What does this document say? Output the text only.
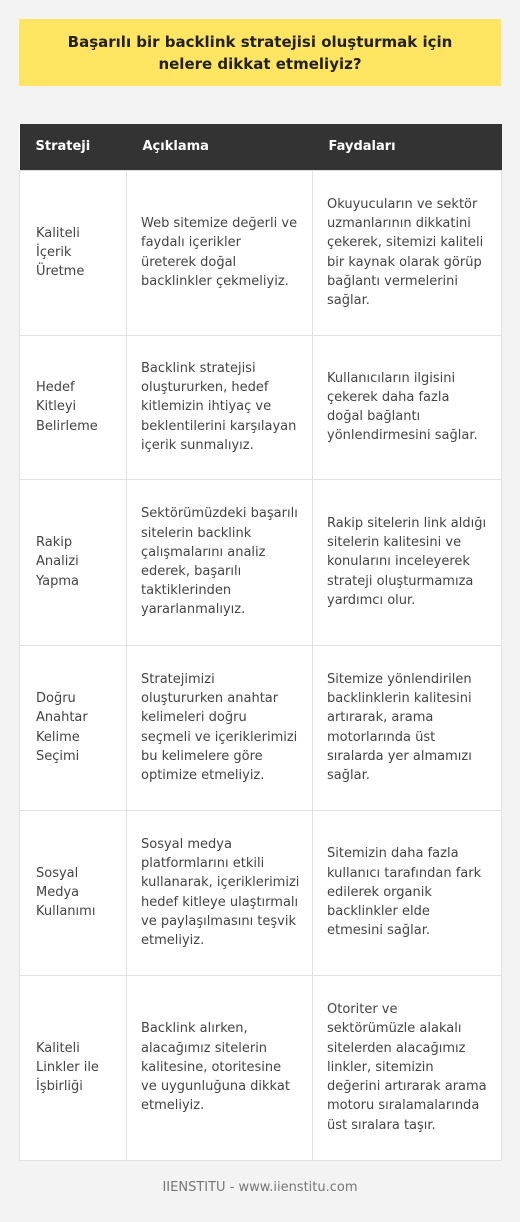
Başarılı bir backlink stratejisi oluşturmak için nelere dikkat etmeliyiz?
Strateji	Açıklama	Faydaları
Kaliteli İçerik Üretme	Web sitemize değerli ve faydalı içerikler üreterek doğal backlinkler çekmeliyiz.	Okuyucuların ve sektör uzmanlarının dikkatini çekerek, sitemizi kaliteli bir kaynak olarak görüp bağlantı vermelerini sağlar.
Hedef Kitleyi Belirleme	Backlink stratejisi oluştururken, hedef kitlemizin ihtiyaç ve beklentilerini karşılayan içerik sunmalıyız.	Kullanıcıların ilgisini çekerek daha fazla doğal bağlantı yönlendirmesini sağlar.
Rakip Analizi Yapma	Sektörümüzdeki başarılı sitelerin backlink çalışmalarını analiz ederek, başarılı taktiklerinden yararlanmalıyız.	Rakip sitelerin link aldığı sitelerin kalitesini ve konularını inceleyerek strateji oluşturmamıza yardımcı olur.
Doğru Anahtar Kelime Seçimi	Stratejimizi oluştururken anahtar kelimeleri doğru seçmeli ve içeriklerimizi bu kelimelere göre optimize etmeliyiz.	Sitemize yönlendirilen backlinklerin kalitesini artırarak, arama motorlarında üst sıralarda yer almamızı sağlar.
Sosyal Medya Kullanımı	Sosyal medya platformlarını etkili kullanarak, içeriklerimizi hedef kitleye ulaştırmalı ve paylaşılmasını teşvik etmeliyiz.	Sitemizin daha fazla kullanıcı tarafından fark edilerek organik backlinkler elde etmesini sağlar.
Kaliteli Linkler ile İşbirliği	Backlink alırken, alacağımız sitelerin kalitesine, otoritesine ve uygunluğuna dikkat etmeliyiz.	Otoriter ve sektörümüzle alakalı sitelerden alacağımız linkler, sitemizin değerini artırarak arama motoru sıralamalarında üst sıralara taşır.
IIENSTITU - www.iienstitu.com
